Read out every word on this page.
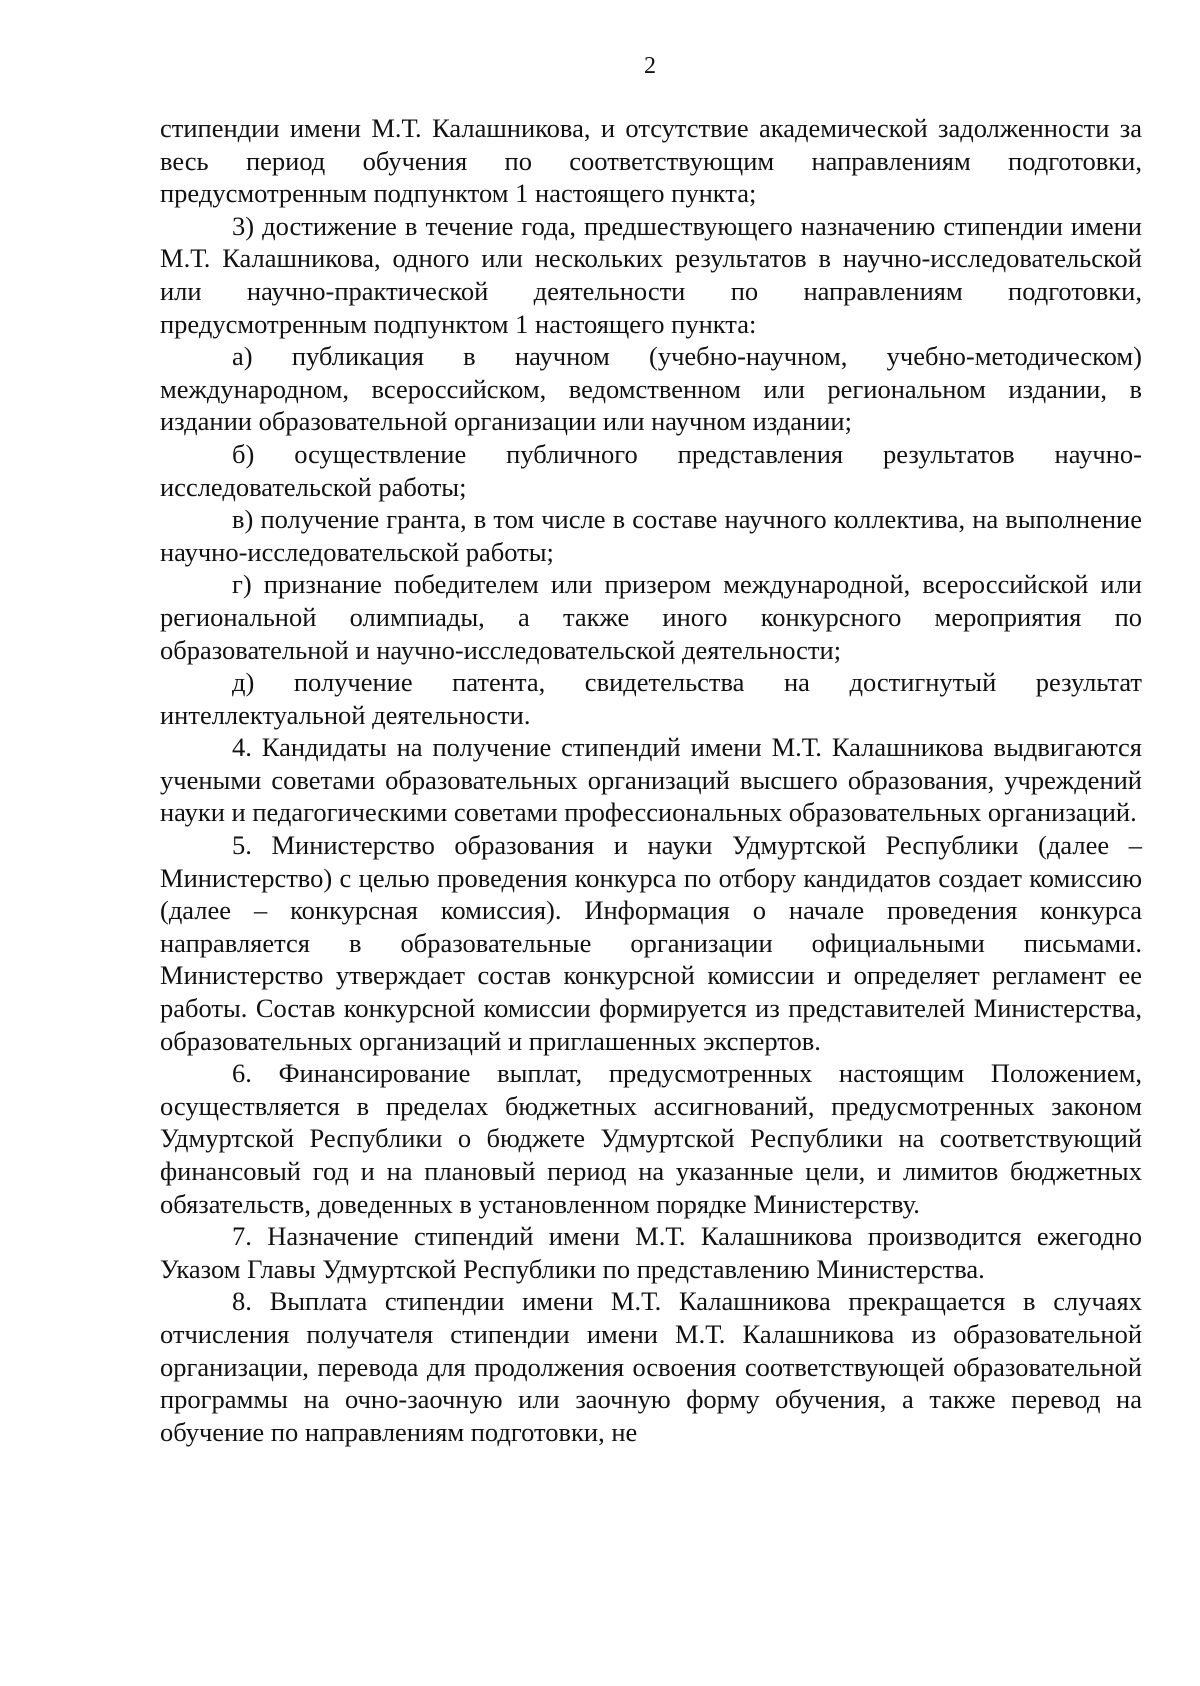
2

стипендии имени М.Т. Калашникова, и отсутствие академической задолженности за весь период обучения по соответствующим направлениям подготовки, предусмотренным подпунктом 1 настоящего пункта;

3) достижение в течение года, предшествующего назначению стипендии имени М.Т. Калашникова, одного или нескольких результатов в научно-исследовательской или научно-практической деятельности по направлениям подготовки, предусмотренным подпунктом 1 настоящего пункта:

а) публикация в научном (учебно-научном, учебно-методическом) международном, всероссийском, ведомственном или региональном издании, в издании образовательной организации или научном издании;

б) осуществление публичного представления результатов научно-исследовательской работы;

в) получение гранта, в том числе в составе научного коллектива, на выполнение научно-исследовательской работы;

г) признание победителем или призером международной, всероссийской или региональной олимпиады, а также иного конкурсного мероприятия по образовательной и научно-исследовательской деятельности;

д) получение патента, свидетельства на достигнутый результат интеллектуальной деятельности.

4. Кандидаты на получение стипендий имени М.Т. Калашникова выдвигаются учеными советами образовательных организаций высшего образования, учреждений науки и педагогическими советами профессиональных образовательных организаций.

5. Министерство образования и науки Удмуртской Республики (далее – Министерство) с целью проведения конкурса по отбору кандидатов создает комиссию (далее – конкурсная комиссия). Информация о начале проведения конкурса направляется в образовательные организации официальными письмами. Министерство утверждает состав конкурсной комиссии и определяет регламент ее работы. Состав конкурсной комиссии формируется из представителей Министерства, образовательных организаций и приглашенных экспертов.

6. Финансирование выплат, предусмотренных настоящим Положением, осуществляется в пределах бюджетных ассигнований, предусмотренных законом Удмуртской Республики о бюджете Удмуртской Республики на соответствующий финансовый год и на плановый период на указанные цели, и лимитов бюджетных обязательств, доведенных в установленном порядке Министерству.

7. Назначение стипендий имени М.Т. Калашникова производится ежегодно Указом Главы Удмуртской Республики по представлению Министерства.

8. Выплата стипендии имени М.Т. Калашникова прекращается в случаях отчисления получателя стипендии имени М.Т. Калашникова из образовательной организации, перевода для продолжения освоения соответствующей образовательной программы на очно-заочную или заочную форму обучения, а также перевод на обучение по направлениям подготовки, не
